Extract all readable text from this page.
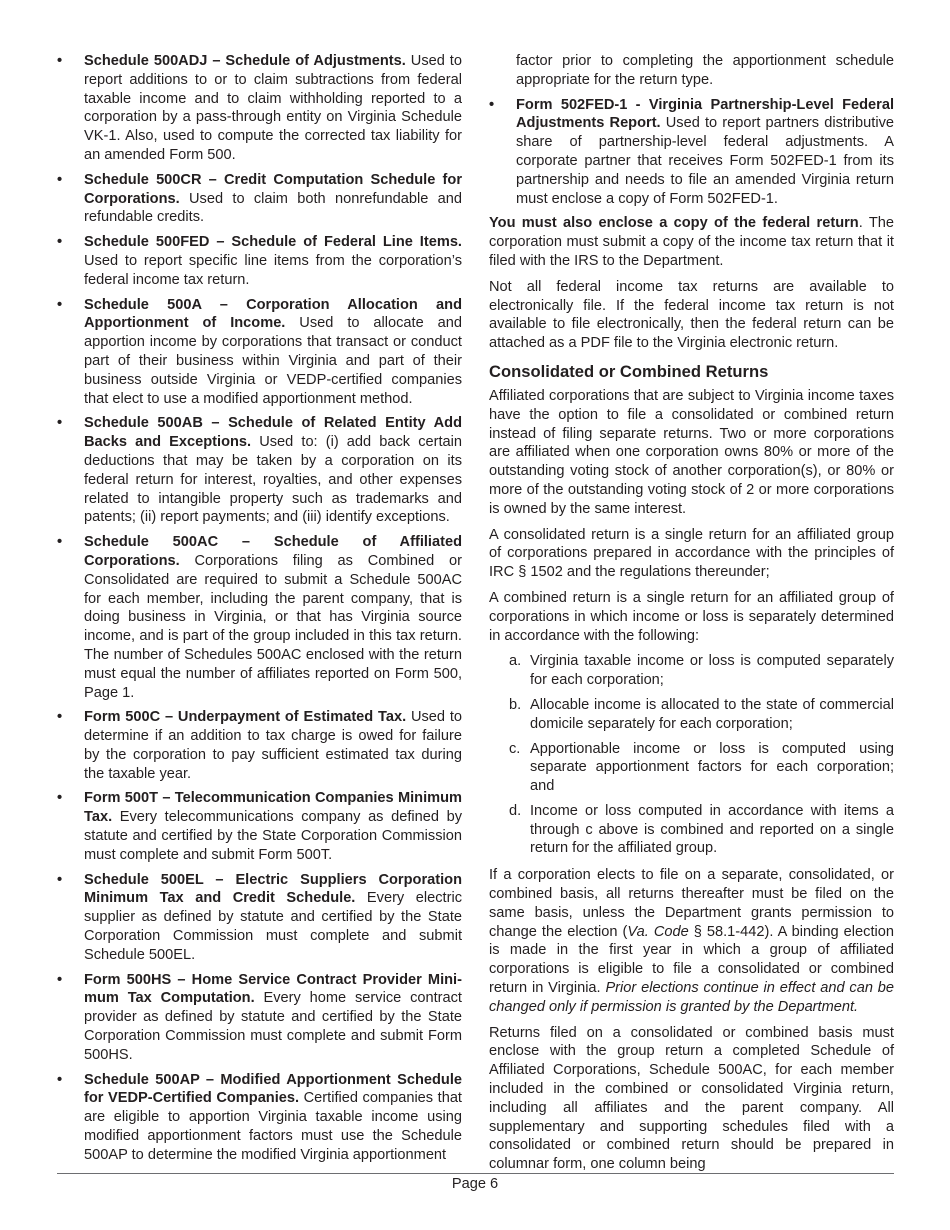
• Schedule 500ADJ – Schedule of Adjustments. Used to report additions to or to claim subtractions from federal taxable income and to claim withholding reported to a corporation by a pass-through entity on Virginia Schedule VK-1. Also, used to compute the corrected tax liability for an amended Form 500.
• Schedule 500CR – Credit Computation Schedule for Corporations. Used to claim both nonrefundable and refundable credits.
• Schedule 500FED – Schedule of Federal Line Items. Used to report specific line items from the corporation’s federal income tax return.
• Schedule 500A – Corporation Allocation and Apportionment of Income. Used to allocate and apportion income by corporations that transact or conduct part of their business within Virginia and part of their business outside Virginia or VEDP-certified companies that elect to use a modified apportionment method.
• Schedule 500AB – Schedule of Related Entity Add Backs and Exceptions. Used to: (i) add back certain deductions that may be taken by a corporation on its federal return for interest, royalties, and other expenses related to intangible property such as trademarks and patents; (ii) report payments; and (iii) identify exceptions.
• Schedule 500AC – Schedule of Affiliated Corporations. Corporations filing as Combined or Consolidated are required to submit a Schedule 500AC for each member, including the parent company, that is doing business in Virginia, or that has Virginia source income, and is part of the group included in this tax return. The number of Schedules 500AC enclosed with the return must equal the number of affiliates reported on Form 500, Page 1.
• Form 500C – Underpayment of Estimated Tax. Used to determine if an addition to tax charge is owed for failure by the corporation to pay sufficient estimated tax during the taxable year.
• Form 500T – Telecommunication Companies Minimum Tax. Every telecommunications company as defined by statute and certified by the State Corporation Commission must complete and submit Form 500T.
• Schedule 500EL – Electric Suppliers Corporation Minimum Tax and Credit Schedule. Every electric supplier as defined by statute and certified by the State Corporation Commission must complete and submit Schedule 500EL.
• Form 500HS – Home Service Contract Provider Minimum Tax Computation. Every home service contract provider as defined by statute and certified by the State Corporation Commission must complete and submit Form 500HS.
• Schedule 500AP – Modified Apportionment Schedule for VEDP-Certified Companies. Certified companies that are eligible to apportion Virginia taxable income using modified apportionment factors must use the Schedule 500AP to determine the modified Virginia apportionment
factor prior to completing the apportionment schedule appropriate for the return type.
• Form 502FED-1 - Virginia Partnership-Level Federal Adjustments Report. Used to report partners distributive share of partnership-level federal adjustments. A corporate partner that receives Form 502FED-1 from its partnership and needs to file an amended Virginia return must enclose a copy of Form 502FED-1.

You must also enclose a copy of the federal return. The corporation must submit a copy of the income tax return that it filed with the IRS to the Department.

Not all federal income tax returns are available to electronically file. If the federal income tax return is not available to file electronically, then the federal return can be attached as a PDF file to the Virginia electronic return.

Consolidated or Combined Returns

Affiliated corporations that are subject to Virginia income taxes have the option to file a consolidated or combined return instead of filing separate returns. Two or more corporations are affiliated when one corporation owns 80% or more of the outstanding voting stock of another corporation(s), or 80% or more of the outstanding voting stock of 2 or more corporations is owned by the same interest.

A consolidated return is a single return for an affiliated group of corporations prepared in accordance with the principles of IRC § 1502 and the regulations thereunder;

A combined return is a single return for an affiliated group of corporations in which income or loss is separately determined in accordance with the following:

a. Virginia taxable income or loss is computed separately for each corporation;
b. Allocable income is allocated to the state of commercial domicile separately for each corporation;
c. Apportionable income or loss is computed using separate apportionment factors for each corporation; and
d. Income or loss computed in accordance with items a through c above is combined and reported on a single return for the affiliated group.

If a corporation elects to file on a separate, consolidated, or combined basis, all returns thereafter must be filed on the same basis, unless the Department grants permission to change the election (Va. Code § 58.1-442). A binding election is made in the first year in which a group of affiliated corporations is eligible to file a consolidated or combined return in Virginia. Prior elections continue in effect and can be changed only if permission is granted by the Department.

Returns filed on a consolidated or combined basis must enclose with the group return a completed Schedule of Affiliated Corporations, Schedule 500AC, for each member included in the combined or consolidated Virginia return, including all affiliates and the parent company. All supplementary and supporting schedules filed with a consolidated or combined return should be prepared in columnar form, one column being

Page 6
